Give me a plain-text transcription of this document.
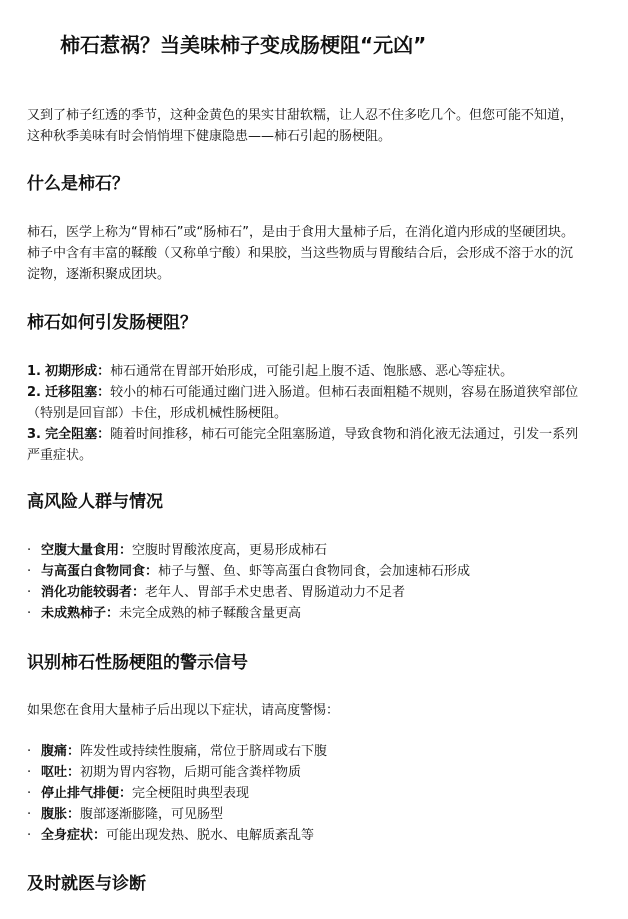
柿石惹祸？当美味柿子变成肠梗阻“元凶”

又到了柿子红透的季节，这种金黄色的果实甘甜软糯，让人忍不住多吃几个。但您可能不知道，这种秋季美味有时会悄悄埋下健康隐患——柿石引起的肠梗阻。

什么是柿石？

柿石，医学上称为“胃柿石”或“肠柿石”，是由于食用大量柿子后，在消化道内形成的坚硬团块。柿子中含有丰富的鞣酸（又称单宁酸）和果胶，当这些物质与胃酸结合后，会形成不溶于水的沉淀物，逐渐积聚成团块。

柿石如何引发肠梗阻？
1. 初期形成：柿石通常在胃部开始形成，可能引起上腹不适、饱胀感、恶心等症状。
2. 迁移阻塞：较小的柿石可能通过幽门进入肠道。但柿石表面粗糙不规则，容易在肠道狭窄部位（特别是回盲部）卡住，形成机械性肠梗阻。
3. 完全阻塞：随着时间推移，柿石可能完全阻塞肠道，导致食物和消化液无法通过，引发一系列严重症状。
高风险人群与情况
· 空腹大量食用：空腹时胃酸浓度高，更易形成柿石
· 与高蛋白食物同食：柿子与蟹、鱼、虾等高蛋白食物同食，会加速柿石形成
· 消化功能较弱者：老年人、胃部手术史患者、胃肠道动力不足者
· 未成熟柿子：未完全成熟的柿子鞣酸含量更高
识别柿石性肠梗阻的警示信号

如果您在食用大量柿子后出现以下症状，请高度警惕：

· 腹痛：阵发性或持续性腹痛，常位于脐周或右下腹
· 呕吐：初期为胃内容物，后期可能含粪样物质
· 停止排气排便：完全梗阻时典型表现
· 腹胀：腹部逐渐膨隆，可见肠型
· 全身症状：可能出现发热、脱水、电解质紊乱等
及时就医与诊断
